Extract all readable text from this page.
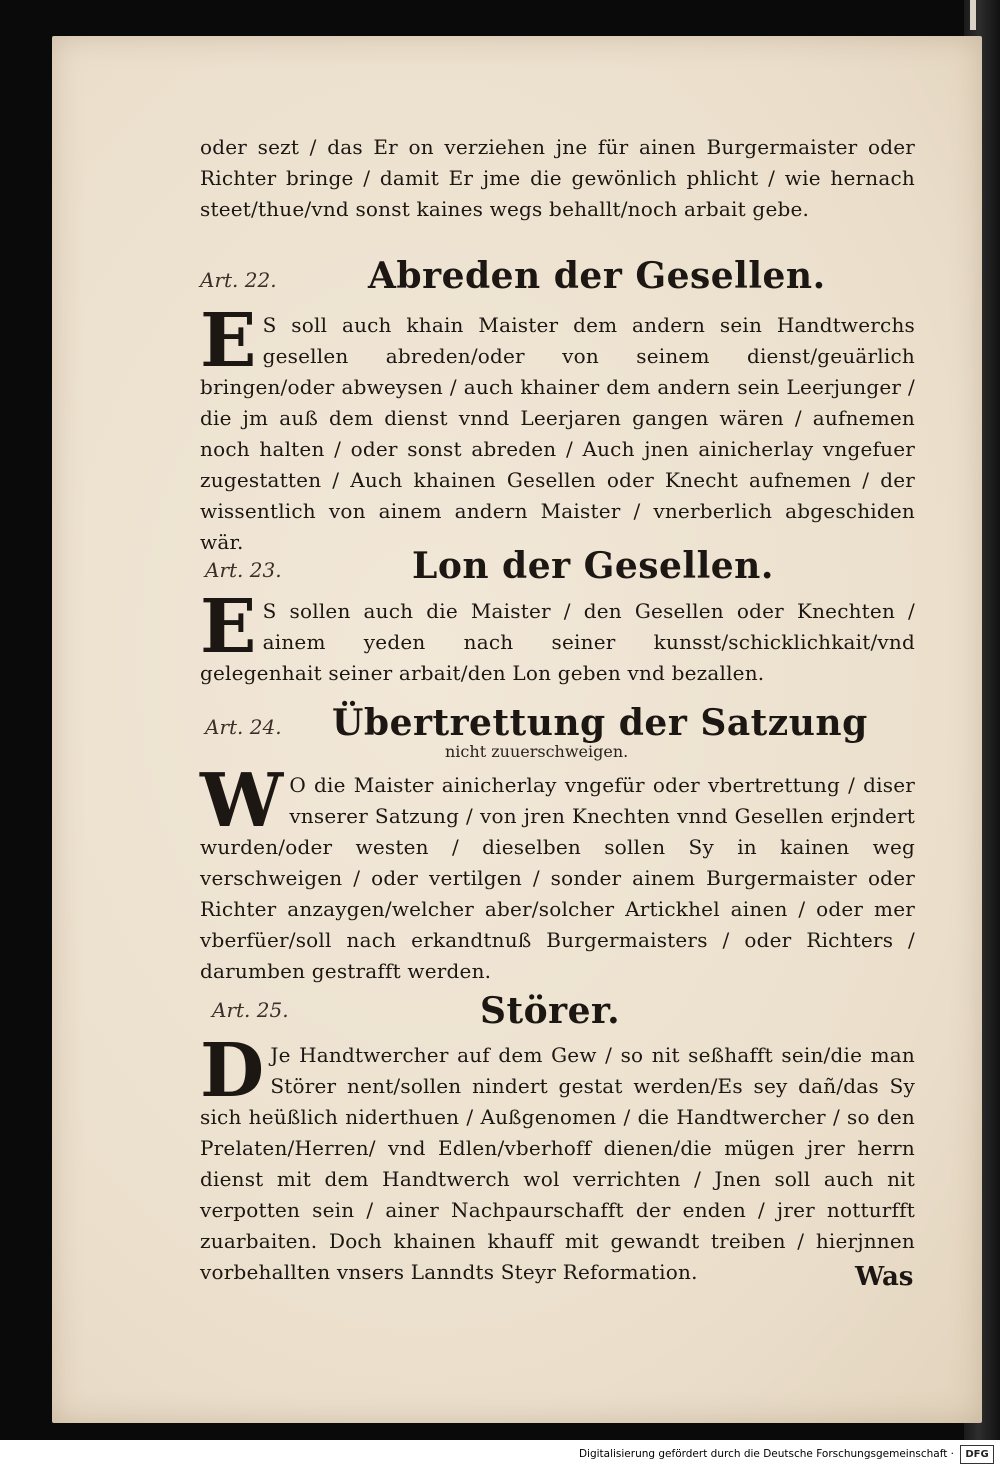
oder sezt / das Er on verziehen jne für ainen Burgermaister oder Richter bringe / damit Er jme die gewönlich phlicht / wie hernach steet/thue/vnd sonst kaines wegs behallt/noch arbait gebe.
Art. 22.	Abreden der Gesellen.
E S soll auch khain Maister dem andern sein Handtwerchs gesellen abreden/oder von seinem dienst/geuärlich bringen/oder abweysen / auch khainer dem andern sein Leerjunger / die jm auß dem dienst vnnd Leerjaren gangen wären / aufnemen noch halten / oder sonst abreden / Auch jnen ainicherlay vngefuer zugestatten / Auch khainen Gesellen oder Knecht aufnemen / der wissentlich von ainem andern Maister / vnerberlich abgeschiden wär.
Art. 23.	Lon der Gesellen.
E S sollen auch die Maister / den Gesellen oder Knechten / ainem yeden nach seiner kunsst/schicklichkait/vnd gelegenhait seiner arbait/den Lon geben vnd bezallen.
Art. 24. Übertrettung der Satzung
nicht zuuerschweigen.
W O die Maister ainicherlay vngefür oder vbertrettung / diser vnserer Satzung / von jren Knechten vnnd Gesellen erjndert wurden/oder westen / dieselben sollen Sy in kainen weg verschweigen / oder vertilgen / sonder ainem Burgermaister oder Richter anzaygen/welcher aber/solcher Artickhel ainen / oder mer vberfüer/soll nach erkandtnuß Burgermaisters / oder Richters / darumben gestrafft werden.
Art. 25.	Störer.
D Je Handtwercher auf dem Gew / so nit seßhafft sein/die man Störer nent/sollen nindert gestat werden/Es sey dañ/das Sy sich heüßlich niderthuen / Außgenomen / die Handtwercher / so den Prelaten/Herren/ vnd Edlen/vberhoff dienen/die mügen jrer herrn dienst mit dem Handtwerch wol verrichten / Jnen soll auch nit verpotten sein / ainer Nachpaurschafft der enden / jrer notturfft zuarbaiten. Doch khainen khauff mit gewandt treiben / hierjnnen vorbehallten vnsers Lanndts Steyr Reformation.	Was
Digitalisierung gefördert durch die Deutsche Forschungsgemeinschaft ·	DFG
